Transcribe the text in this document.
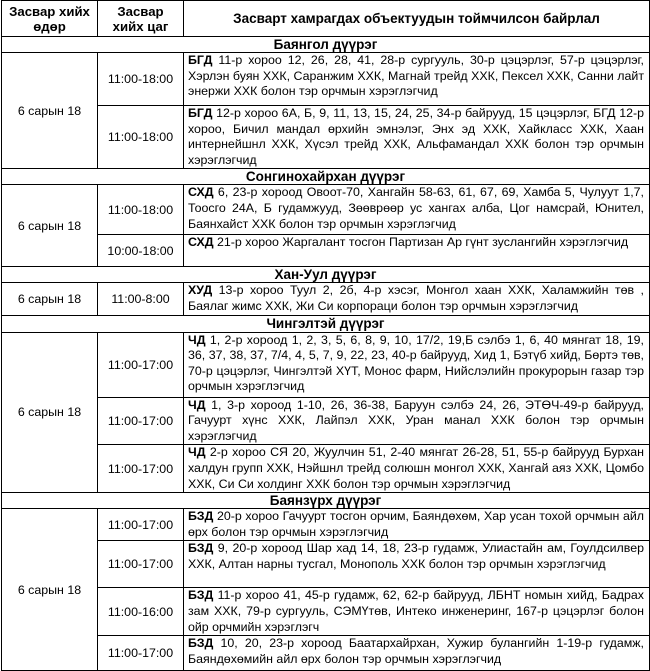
Засвар хийх өдөр	Засвар хийх цаг	Засварт хамрагдах объектуудын тоймчилсон байрлал
Баянгол дүүрэг		
6 сарын 18	11:00-18:00	БГД 11-р хороо 12, 26, 28, 41, 28-р сургууль, 30-р цэцэрлэг, 57-р цэцэрлэг, Хэрлэн буян ХХК, Саранжим ХХК, Магнай трейд ХХК, Пексел ХХК, Санни лайт энержи ХХК болон тэр орчмын хэрэглэгчид
	11:00-18:00	БГД 12-р хороо 6А, Б, 9, 11, 13, 15, 24, 25, 34-р байрууд, 15 цэцэрлэг, БГД 12-р хороо, Бичил мандал өрхийн эмнэлэг, Энх эд ХХК, Хайкласс ХХК, Хаан интернейшнл ХХК, Хүсэл трейд ХХК, Альфамандал ХХК болон тэр орчмын хэрэглэгчид
Сонгинохайрхан дүүрэг		
6 сарын 18	11:00-18:00	СХД 6, 23-р хороод Овоот-70, Хангайн 58-63, 61, 67, 69, Хамба 5, Чулуут 1,7, Тоосго 24А, Б гудамжууд, Зөөврөөр ус хангах алба, Цог намсрай, Юнител, Баянхайст ХХК болон тэр орчмын хэрэглэгчид
	10:00-18:00	СХД 21-р хороо Жаргалант тосгон Партизан Ар гүнт зуслангийн хэрэглэгчид
Хан-Уул дүүрэг		
6 сарын 18	11:00-8:00	ХУД 13-р хороо Туул 2, 2б, 4-р хэсэг, Монгол хаан ХХК, Халамжийн төв , Баялаг жимс ХХК, Жи Си корпораци болон тэр орчмын хэрэглэгчид
Чингэлтэй дүүрэг		
6 сарын 18	11:00-17:00	ЧД 1, 2-р хороод 1, 2, 3, 5, 6, 8, 9, 10, 17/2, 19,Б сэлбэ 1, 6, 40 мянгат 18, 19, 36, 37, 38, 37, 7/4, 4, 5, 7, 9, 22, 23, 40-р байрууд, Хид 1, Бэтүб хийд, Бөртэ төв, 70-р цэцэрлэг, Чингэлтэй ХҮТ, Монос фарм, Нийслэлийн прокурорын газар тэр орчмын хэрэглэгчид
	11:00-17:00	ЧД 1, 3-р хороод 1-10, 26, 36-38, Баруун сэлбэ 24, 26, ЭТӨЧ-49-р байрууд, Гачуурт хүнс ХХК, Лайпэл ХХК, Уран манал ХХК болон тэр орчмын хэрэглэгчид
	11:00-17:00	ЧД 2-р хороо СЯ 20, Жуулчин 51, 2-40 мянгат 26-28, 51, 55-р байрууд Бурхан халдун групп ХХК, Нэйшнл трейд солюшн монгол ХХК, Хангай аяз ХХК, Цомбо ХХК, Си Си холдинг ХХК болон тэр орчмын хэрэглэгчид
Баянзүрх дүүрэг		
6 сарын 18	11:00-17:00	БЗД 20-р хороо Гачуурт тосгон орчим, Баяндөхөм, Хар усан тохой орчмын айл өрх болон тэр орчмын хэрэглэгчид
	11:00-17:00	БЗД 9, 20-р хороод Шар хад 14, 18, 23-р гудамж, Улиастайн ам, Гоулдсилвер ХХК, Алтан нарны тусгал, Монополь ХХК болон тэр орчмын хэрэглэгчид
	11:00-16:00	БЗД 11-р хороо 41, 45-р гудамж, 62, 62-р байрууд, ЛБНТ номын хийд, Бадрах зам ХХК, 79-р сургууль, СЭМҮтөв, Интеко инженеринг, 167-р цэцэрлэг болон ойр орчмийн хэрэглэгч
	11:00-17:00	БЗД 10, 20, 23-р хороод Баатархайрхан, Хужир булангийн 1-19-р гудамж, Баяндөхөмийн айл өрх болон тэр орчмын хэрэглэгчид
